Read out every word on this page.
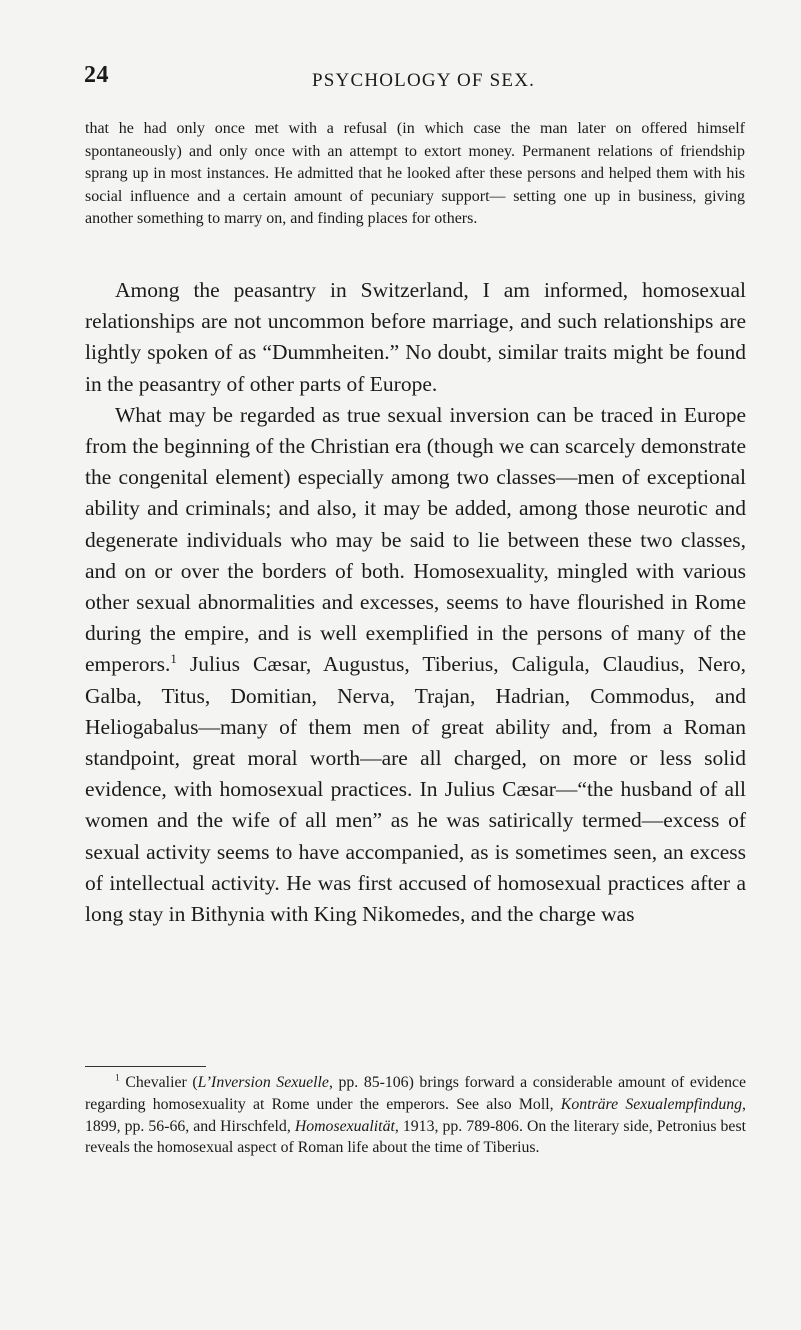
24	PSYCHOLOGY OF SEX.

that he had only once met with a refusal (in which case the man later on offered himself spontaneously) and only once with an attempt to extort money. Permanent relations of friendship sprang up in most instances. He admitted that he looked after these persons and helped them with his social influence and a certain amount of pecuniary support— setting one up in business, giving another something to marry on, and finding places for others.

Among the peasantry in Switzerland, I am informed, homosexual relationships are not uncommon before marriage, and such relationships are lightly spoken of as “Dummheiten.” No doubt, similar traits might be found in the peasantry of other parts of Europe.

What may be regarded as true sexual inversion can be traced in Europe from the beginning of the Christian era (though we can scarcely demonstrate the congenital element) especially among two classes—men of exceptional ability and criminals; and also, it may be added, among those neurotic and degenerate individuals who may be said to lie between these two classes, and on or over the borders of both. Homosexuality, mingled with various other sexual abnormalities and excesses, seems to have flourished in Rome during the empire, and is well exemplified in the persons of many of the emperors.$^1$ Julius Cæsar, Augustus, Tiberius, Caligula, Claudius, Nero, Galba, Titus, Domitian, Nerva, Trajan, Hadrian, Commodus, and Heliogabalus—many of them men of great ability and, from a Roman standpoint, great moral worth—are all charged, on more or less solid evidence, with homosexual practices. In Julius Cæsar—“the husband of all women and the wife of all men” as he was satirically termed—excess of sexual activity seems to have accompanied, as is sometimes seen, an excess of intellectual activity. He was first accused of homosexual practices after a long stay in Bithynia with King Nikomedes, and the charge was

$^1$ Chevalier (L’Inversion Sexuelle, pp. 85-106) brings forward a considerable amount of evidence regarding homosexuality at Rome under the emperors. See also Moll, Konträre Sexualempfindung, 1899, pp. 56-66, and Hirschfeld, Homosexualität, 1913, pp. 789-806. On the literary side, Petronius best reveals the homosexual aspect of Roman life about the time of Tiberius.
